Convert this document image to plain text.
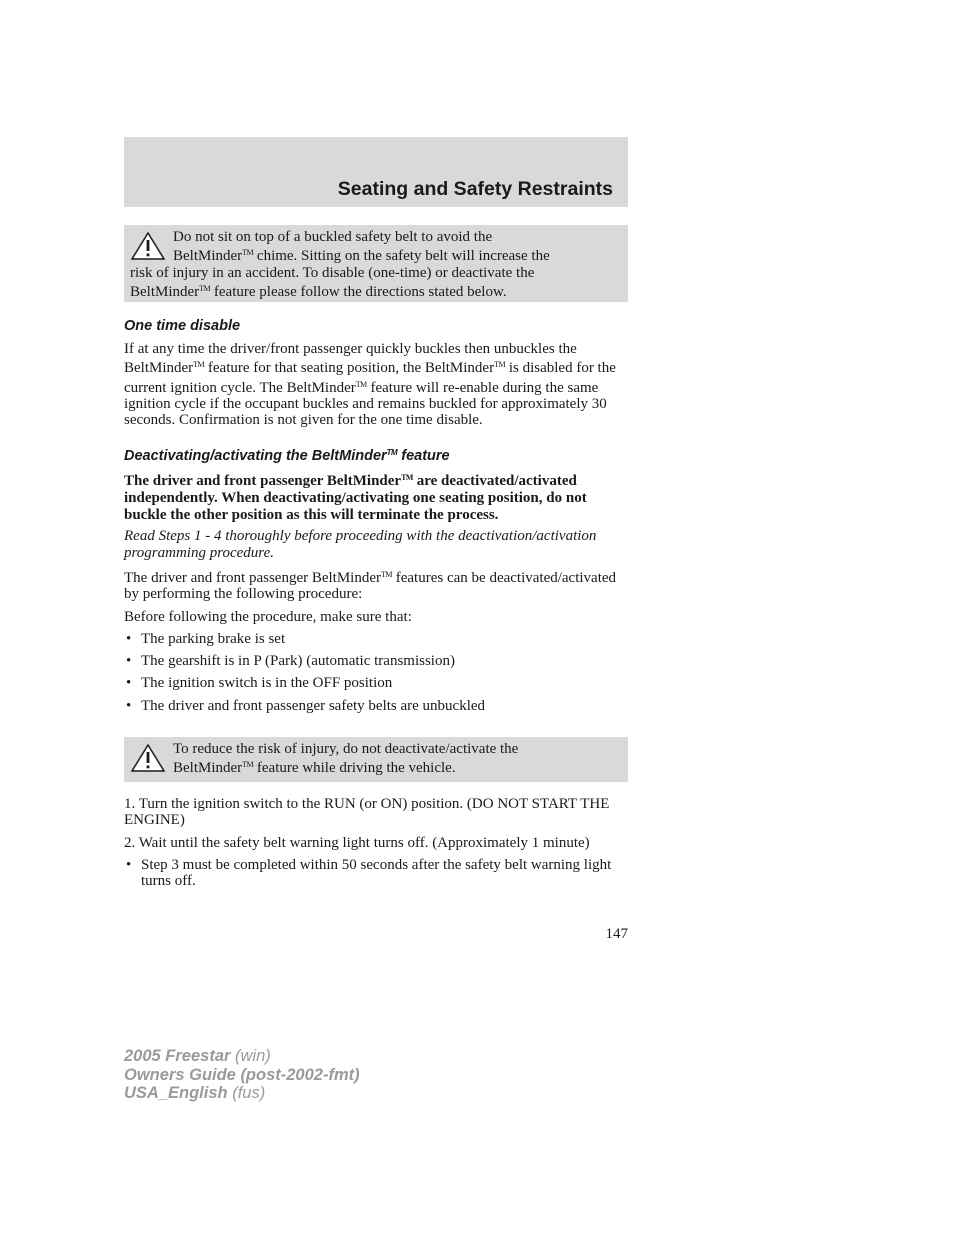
Seating and Safety Restraints

Do not sit on top of a buckled safety belt to avoid the
BeltMinder™ chime. Sitting on the safety belt will increase the
risk of injury in an accident. To disable (one-time) or deactivate the
BeltMinder™ feature please follow the directions stated below.

One time disable

If at any time the driver/front passenger quickly buckles then unbuckles the BeltMinder™ feature for that seating position, the BeltMinder™ is disabled for the current ignition cycle. The BeltMinder™ feature will re-enable during the same ignition cycle if the occupant buckles and remains buckled for approximately 30 seconds. Confirmation is not given for the one time disable.

Deactivating/activating the BeltMinder™ feature

The driver and front passenger BeltMinder™ are deactivated/activated independently. When deactivating/activating one seating position, do not buckle the other position as this will terminate the process.

Read Steps 1 - 4 thoroughly before proceeding with the deactivation/activation programming procedure.

The driver and front passenger BeltMinder™ features can be deactivated/activated by performing the following procedure:

Before following the procedure, make sure that:

• The parking brake is set

• The gearshift is in P (Park) (automatic transmission)

• The ignition switch is in the OFF position

• The driver and front passenger safety belts are unbuckled

To reduce the risk of injury, do not deactivate/activate the
BeltMinder™ feature while driving the vehicle.

1. Turn the ignition switch to the RUN (or ON) position. (DO NOT START THE ENGINE)

2. Wait until the safety belt warning light turns off. (Approximately 1 minute)

• Step 3 must be completed within 50 seconds after the safety belt warning light turns off.

147
2005 Freestar (win)
Owners Guide (post-2002-fmt)
USA_English (fus)
